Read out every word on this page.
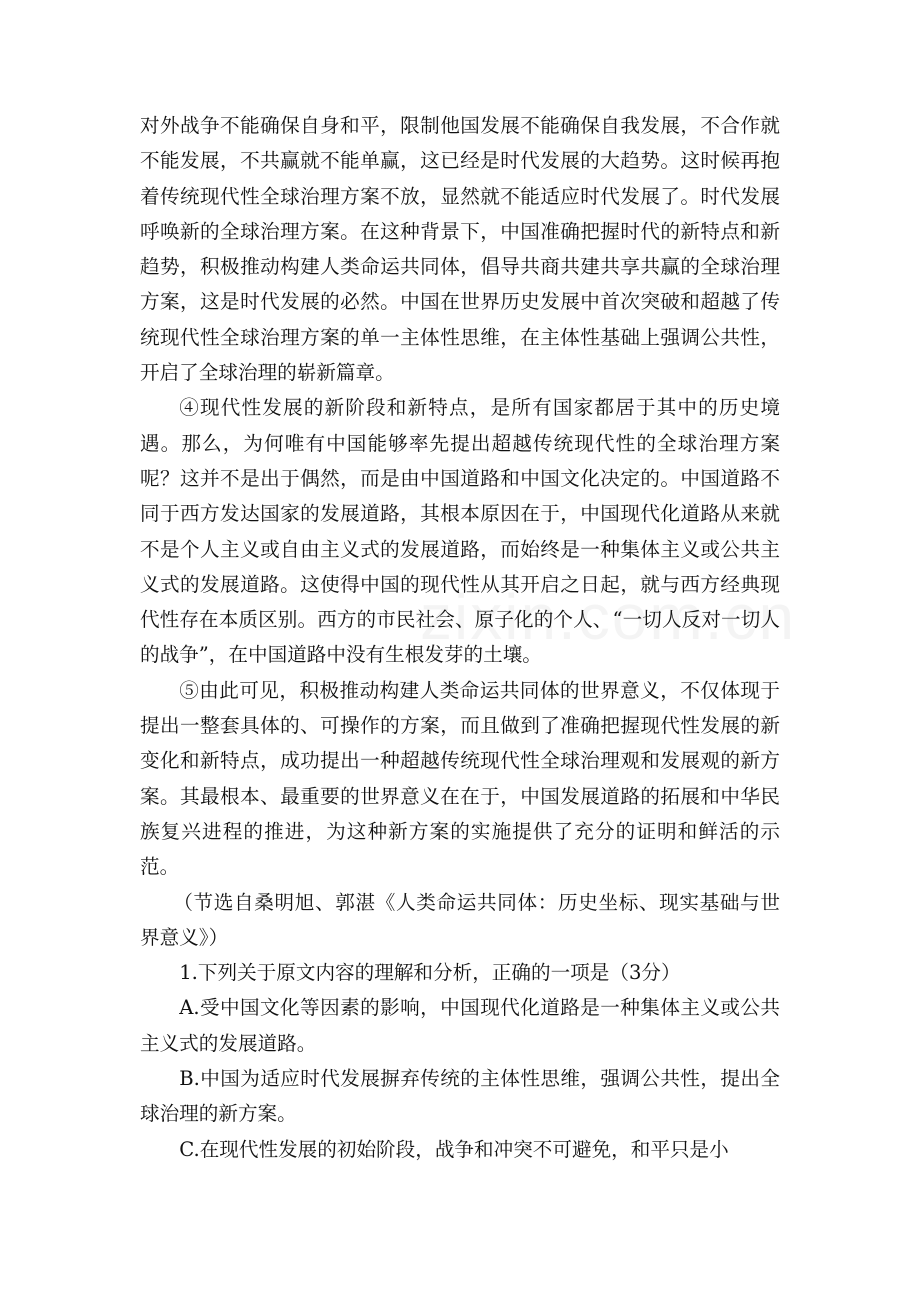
对外战争不能确保自身和平，限制他国发展不能确保自我发展，不合作就不能发展，不共赢就不能单赢，这已经是时代发展的大趋势。这时候再抱着传统现代性全球治理方案不放，显然就不能适应时代发展了。时代发展呼唤新的全球治理方案。在这种背景下，中国准确把握时代的新特点和新趋势，积极推动构建人类命运共同体，倡导共商共建共享共赢的全球治理方案，这是时代发展的必然。中国在世界历史发展中首次突破和超越了传统现代性全球治理方案的单一主体性思维，在主体性基础上强调公共性，开启了全球治理的崭新篇章。

④现代性发展的新阶段和新特点，是所有国家都居于其中的历史境遇。那么，为何唯有中国能够率先提出超越传统现代性的全球治理方案呢？这并不是出于偶然，而是由中国道路和中国文化决定的。中国道路不同于西方发达国家的发展道路，其根本原因在于，中国现代化道路从来就不是个人主义或自由主义式的发展道路，而始终是一种集体主义或公共主义式的发展道路。这使得中国的现代性从其开启之日起，就与西方经典现代性存在本质区别。西方的市民社会、原子化的个人、“一切人反对一切人的战争”，在中国道路中没有生根发芽的土壤。

⑤由此可见，积极推动构建人类命运共同体的世界意义，不仅体现于提出一整套具体的、可操作的方案，而且做到了准确把握现代性发展的新变化和新特点，成功提出一种超越传统现代性全球治理观和发展观的新方案。其最根本、最重要的世界意义在在于，中国发展道路的拓展和中华民族复兴进程的推进，为这种新方案的实施提供了充分的证明和鲜活的示范。

（节选自桑明旭、郭湛《人类命运共同体：历史坐标、现实基础与世界意义》）

1.下列关于原文内容的理解和分析，正确的一项是（3分）

A.受中国文化等因素的影响，中国现代化道路是一种集体主义或公共主义式的发展道路。

B.中国为适应时代发展摒弃传统的主体性思维，强调公共性，提出全球治理的新方案。

C.在现代性发展的初始阶段，战争和冲突不可避免，和平只是小
